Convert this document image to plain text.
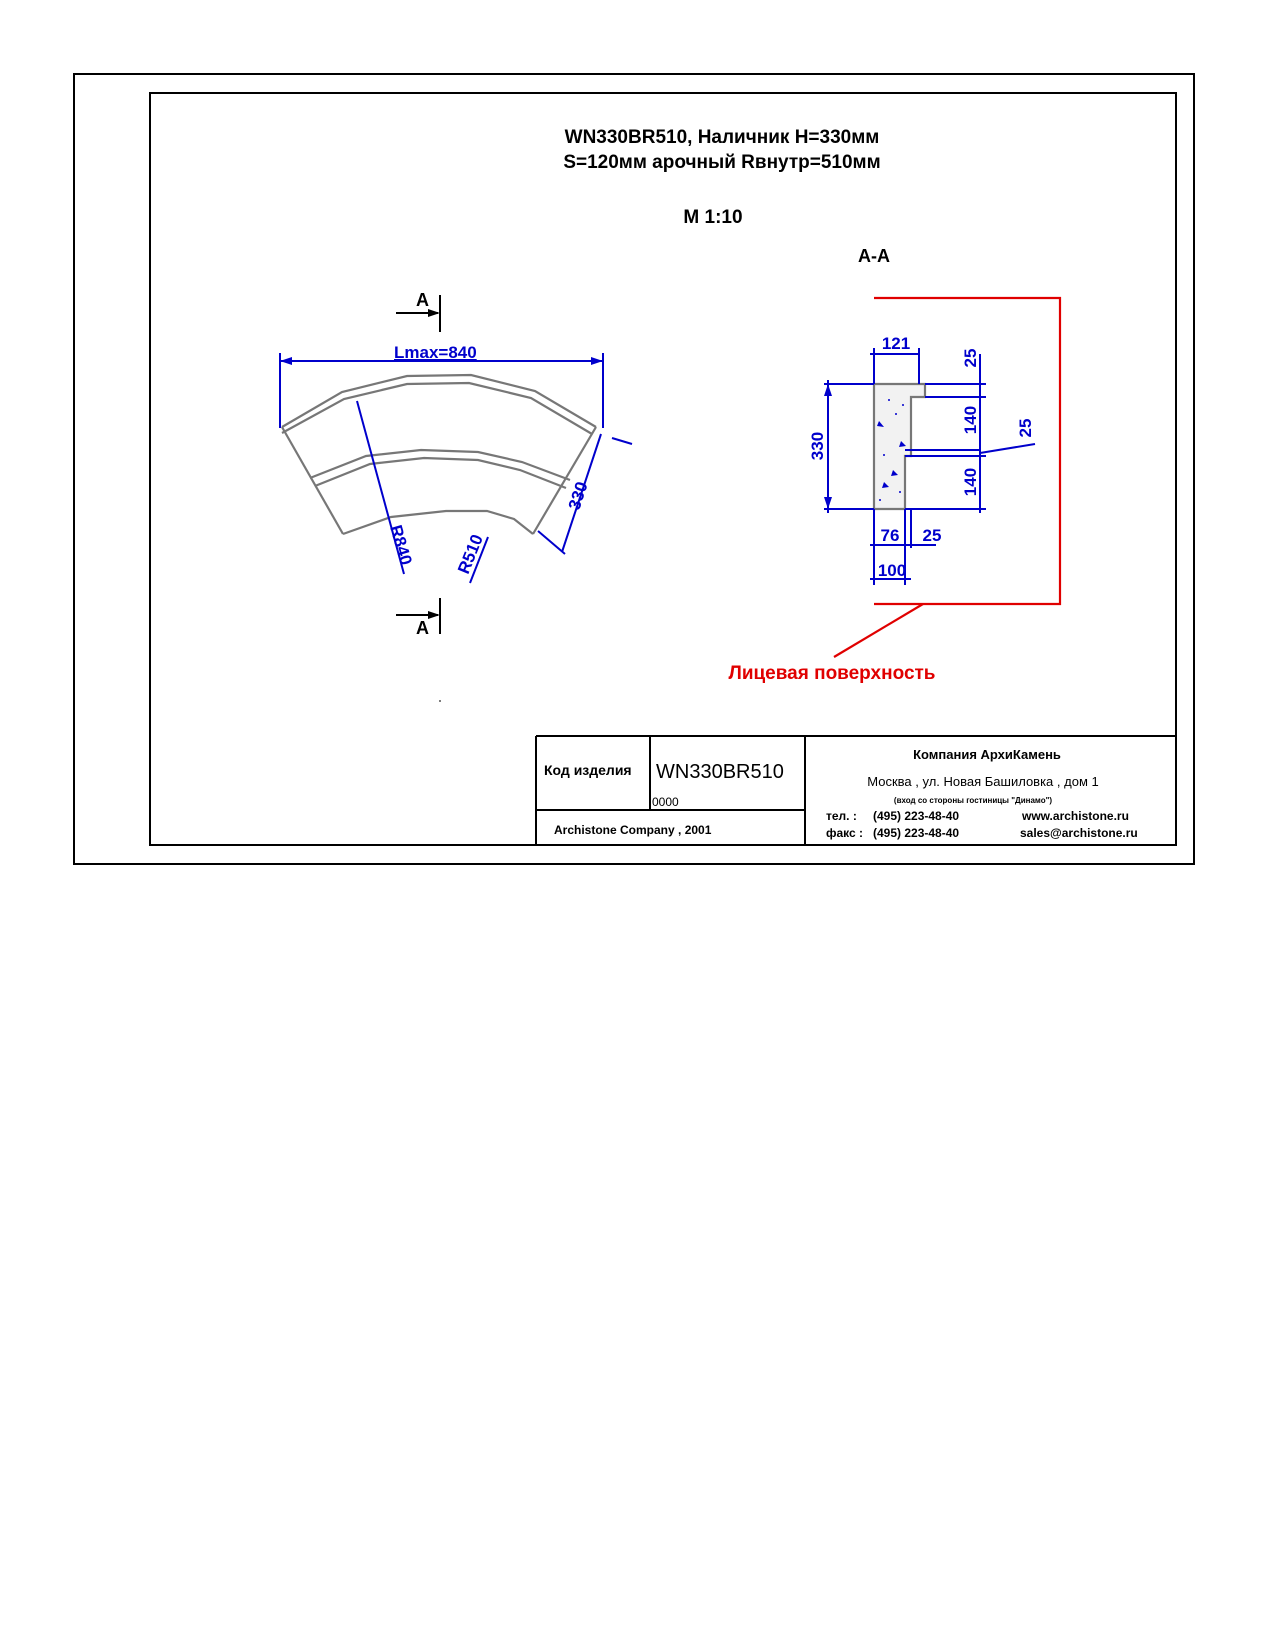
WN330BR510, Наличник H=330мм
S=120мм арочный Rвнутр=510мм
M 1:10
Lmax=840
R840 R510
330
A
A
A-A
121
25
330
140
140
25
76 25
100
Лицевая поверхность
Код изделия WN330BR510
0000
Archistone Company , 2001
Компания АрхиКамень
Москва , ул. Новая Башиловка , дом 1
(вход со стороны гостиницы "Динамо")
тел. : (495) 223-48-40
факс : (495) 223-48-40
www.archistone.ru
sales@archistone.ru
